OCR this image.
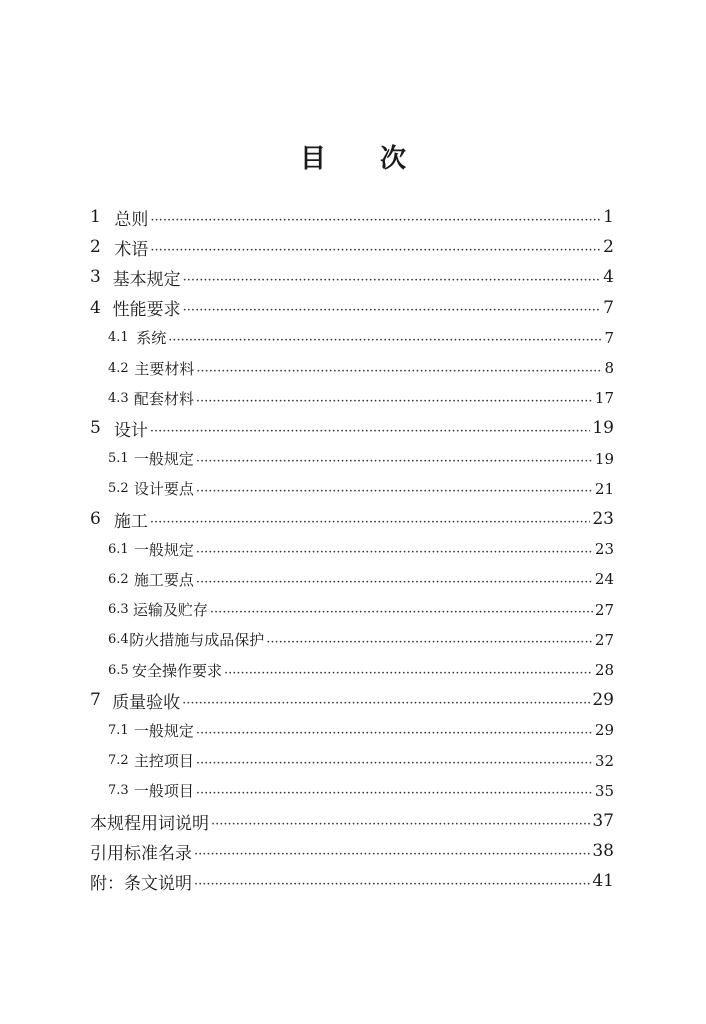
目 次
1 总则 ·····	1
2 术语 ·····	2
3 基本规定 ·····	4
4 性能要求 ·····	7
4.1 系统 ·····	7
4.2 主要材料 ·····	8
4.3 配套材料 ·····	17
5 设计 ·····	19
5.1 一般规定 ·····	19
5.2 设计要点 ·····	21
6 施工 ·····	23
6.1 一般规定 ·····	23
6.2 施工要点 ·····	24
6.3 运输及贮存 ·····	27
6.4 防火措施与成品保护 ·····	27
6.5 安全操作要求 ·····	28
7 质量验收 ·····	29
7.1 一般规定 ·····	29
7.2 主控项目 ·····	32
7.3 一般项目 ·····	35
本规程用词说明 ·····	37
引用标准名录 ·····	38
附：条文说明 ·····	41
